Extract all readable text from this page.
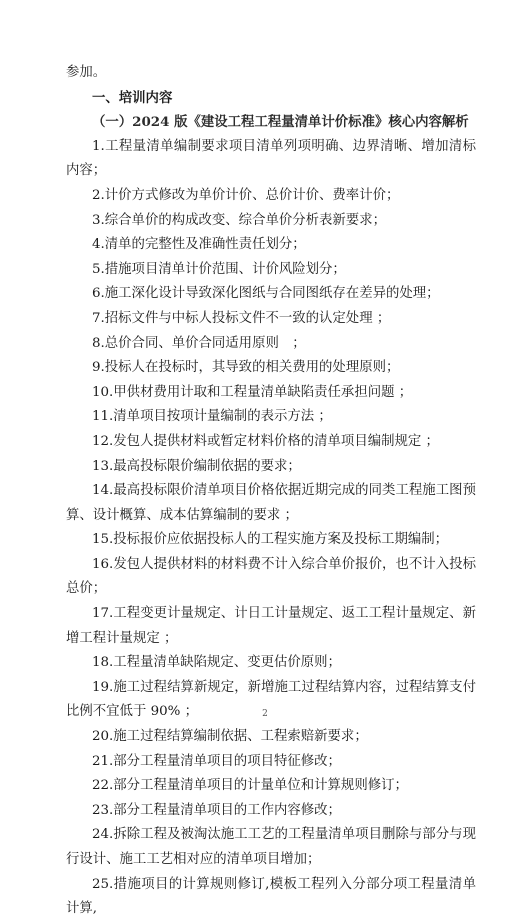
参加。

一、培训内容

（一）2024 版《建设工程工程量清单计价标准》核心内容解析

1.工程量清单编制要求项目清单列项明确、边界清晰、增加清标内容；

2.计价方式修改为单价计价、总价计价、费率计价；

3.综合单价的构成改变、综合单价分析表新要求；

4.清单的完整性及准确性责任划分；

5.措施项目清单计价范围、计价风险划分；

6.施工深化设计导致深化图纸与合同图纸存在差异的处理；

7.招标文件与中标人投标文件不一致的认定处理 ；

8.总价合同、单价合同适用原则　；

9.投标人在投标时，其导致的相关费用的处理原则；

10.甲供材费用计取和工程量清单缺陷责任承担问题 ；

11.清单项目按项计量编制的表示方法 ；

12.发包人提供材料或暂定材料价格的清单项目编制规定 ；

13.最高投标限价编制依据的要求；

14.最高投标限价清单项目价格依据近期完成的同类工程施工图预算、设计概算、成本估算编制的要求 ；

15.投标报价应依据投标人的工程实施方案及投标工期编制；

16.发包人提供材料的材料费不计入综合单价报价，也不计入投标总价；

17.工程变更计量规定、计日工计量规定、返工工程计量规定、新增工程计量规定 ；

18.工程量清单缺陷规定、变更估价原则；

19.施工过程结算新规定，新增施工过程结算内容，过程结算支付比例不宜低于 90% ；

20.施工过程结算编制依据、工程索赔新要求；

21.部分工程量清单项目的项目特征修改；

22.部分工程量清单项目的计量单位和计算规则修订；

23.部分工程量清单项目的工作内容修改；

24.拆除工程及被淘汰施工工艺的工程量清单项目删除与部分与现行设计、施工工艺相对应的清单项目增加；

25.措施项目的计算规则修订,模板工程列入分部分项工程量清单计算,

2
